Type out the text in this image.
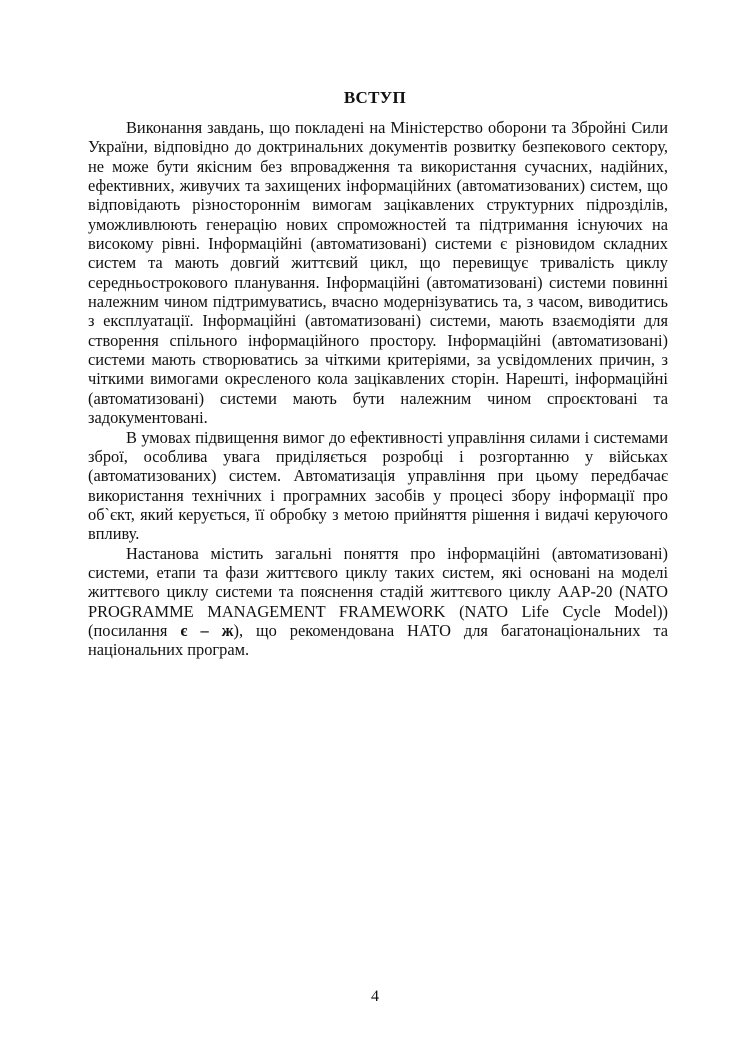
ВСТУП

Виконання завдань, що покладені на Міністерство оборони та Збройні Сили України, відповідно до доктринальних документів розвитку безпекового сектору, не може бути якісним без впровадження та використання сучасних, надійних, ефективних, живучих та захищених інформаційних (автоматизованих) систем, що відповідають різностороннім вимогам зацікавлених структурних підрозділів, уможливлюють генерацію нових спроможностей та підтримання існуючих на високому рівні. Інформаційні (автоматизовані) системи є різновидом складних систем та мають довгий життєвий цикл, що перевищує тривалість циклу середньострокового планування. Інформаційні (автоматизовані) системи повинні належним чином підтримуватись, вчасно модернізуватись та, з часом, виводитись з експлуатації. Інформаційні (автоматизовані) системи, мають взаємодіяти для створення спільного інформаційного простору. Інформаційні (автоматизовані) системи мають створюватись за чіткими критеріями, за усвідомлених причин, з чіткими вимогами окресленого кола зацікавлених сторін. Нарешті, інформаційні (автоматизовані) системи мають бути належним чином спроєктовані та задокументовані.

В умовах підвищення вимог до ефективності управління силами і системами зброї, особлива увага приділяється розробці і розгортанню у військах (автоматизованих) систем. Автоматизація управління при цьому передбачає використання технічних і програмних засобів у процесі збору інформації про об`єкт, який керується, її обробку з метою прийняття рішення і видачі керуючого впливу.

Настанова містить загальні поняття про інформаційні (автоматизовані) системи, етапи та фази життєвого циклу таких систем, які основані на моделі життєвого циклу системи та пояснення стадій життєвого циклу AAP-20 (NATO PROGRAMME MANAGEMENT FRAMEWORK (NATO Life Cycle Model)) (посилання є – ж), що рекомендована НАТО для багатонаціональних та національних програм.

4
